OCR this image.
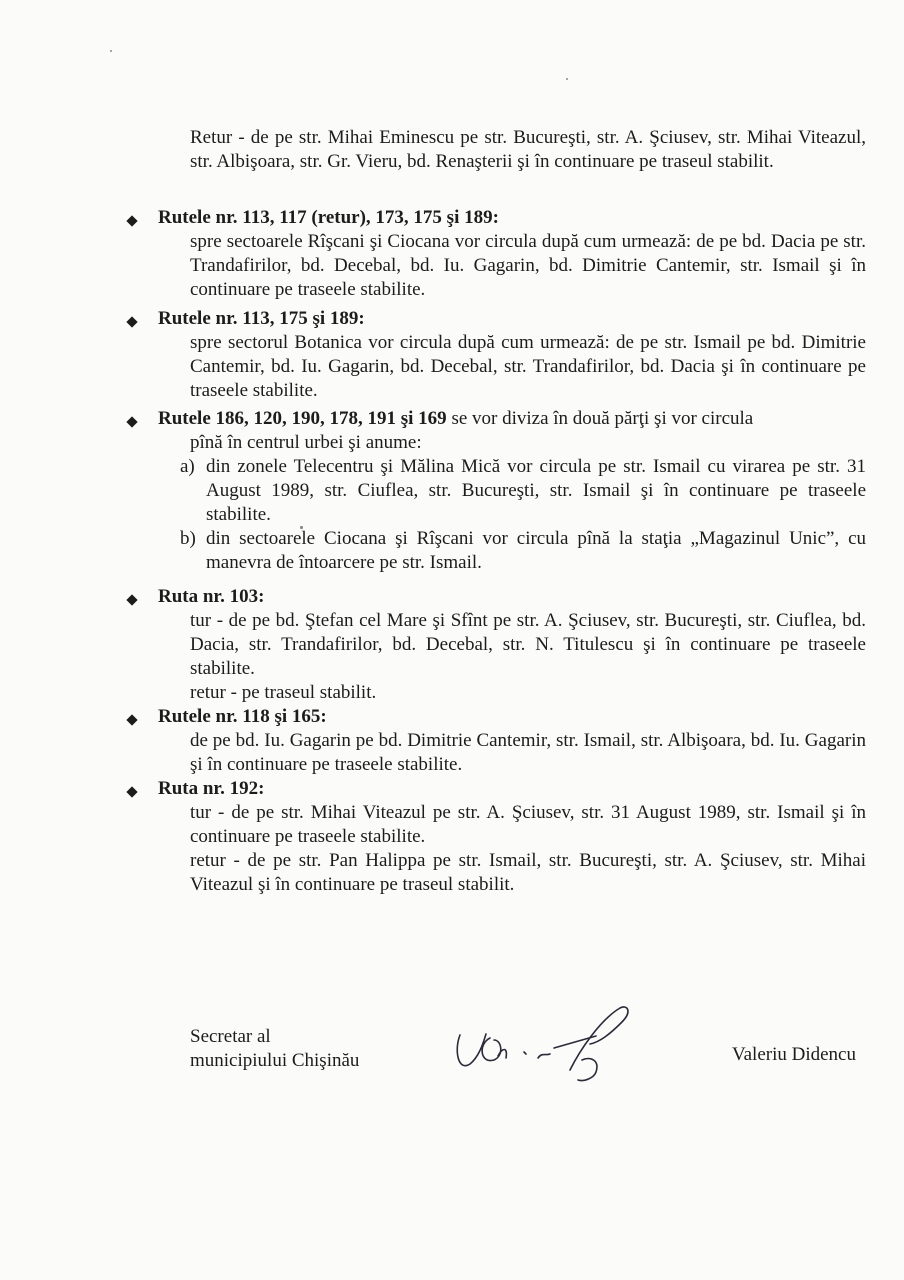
Retur - de pe str. Mihai Eminescu pe str. Bucureşti, str. A. Şciusev, str. Mihai Viteazul, str. Albişoara, str. Gr. Vieru, bd. Renaşterii şi în continuare pe traseul stabilit.
Rutele nr. 113, 117 (retur), 173, 175 şi 189:
spre sectoarele Rîşcani şi Ciocana vor circula după cum urmează: de pe bd. Dacia pe str. Trandafirilor, bd. Decebal, bd. Iu. Gagarin, bd. Dimitrie Cantemir, str. Ismail şi în continuare pe traseele stabilite.
Rutele nr. 113, 175 şi 189:
spre sectorul Botanica vor circula după cum urmează: de pe str. Ismail pe bd. Dimitrie Cantemir, bd. Iu. Gagarin, bd. Decebal, str. Trandafirilor, bd. Dacia şi în continuare pe traseele stabilite.
Rutele 186, 120, 190, 178, 191 şi 169 se vor diviza în două părţi şi vor circula
pînă în centrul urbei şi anume:
a) din zonele Telecentru şi Mălina Mică vor circula pe str. Ismail cu virarea pe str. 31 August 1989, str. Ciuflea, str. Bucureşti, str. Ismail şi în continuare pe traseele stabilite.
b) din sectoarele Ciocana şi Rîşcani vor circula pînă la staţia „Magazinul Unic”, cu manevra de întoarcere pe str. Ismail.
Ruta nr. 103:
tur - de pe bd. Ştefan cel Mare şi Sfînt pe str. A. Şciusev, str. Bucureşti, str. Ciuflea, bd. Dacia, str. Trandafirilor, bd. Decebal, str. N. Titulescu şi în continuare pe traseele stabilite.
retur - pe traseul stabilit.
Rutele nr. 118 şi 165:
de pe bd. Iu. Gagarin pe bd. Dimitrie Cantemir, str. Ismail, str. Albişoara, bd. Iu. Gagarin şi în continuare pe traseele stabilite.
Ruta nr. 192:
tur - de pe str. Mihai Viteazul pe str. A. Şciusev, str. 31 August 1989, str. Ismail şi în continuare pe traseele stabilite.
retur - de pe str. Pan Halippa pe str. Ismail, str. Bucureşti, str. A. Şciusev, str. Mihai Viteazul şi în continuare pe traseul stabilit.
Secretar al
municipiului Chişinău	Valeriu Didencu
